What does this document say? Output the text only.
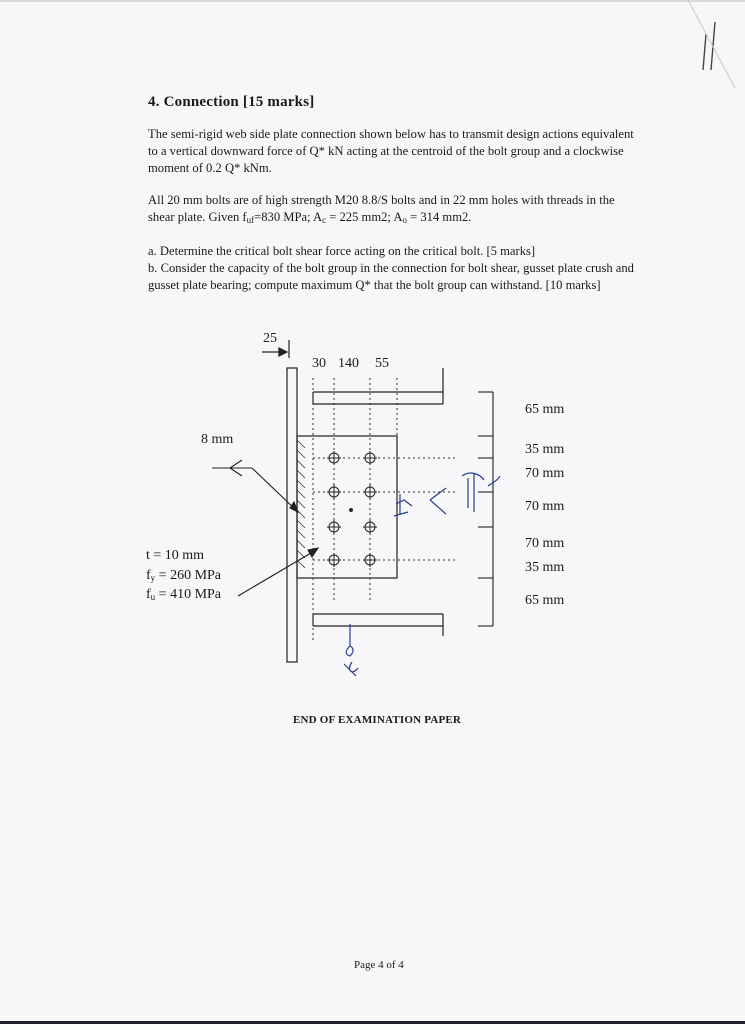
4. Connection [15 marks]

The semi-rigid web side plate connection shown below has to transmit design actions equivalent to a vertical downward force of Q* kN acting at the centroid of the bolt group and a clockwise moment of 0.2 Q* kNm.

All 20 mm bolts are of high strength M20 8.8/S bolts and in 22 mm holes with threads in the shear plate. Given $f_{uf}=830$ MPa; $A_c = 225$ mm2; $A_o = 314$ mm2.

a. Determine the critical bolt shear force acting on the critical bolt. [5 marks]
b. Consider the capacity of the bolt group in the connection for bolt shear, gusset plate crush and gusset plate bearing; compute maximum Q* that the bolt group can withstand. [10 marks]
25
30 140 55
8 mm
t = 10 mm
$f_y = 260$ MPa
$f_u = 410$ MPa
65 mm
35 mm
70 mm
70 mm
70 mm
35 mm
65 mm
END OF EXAMINATION PAPER
Page 4 of 4
